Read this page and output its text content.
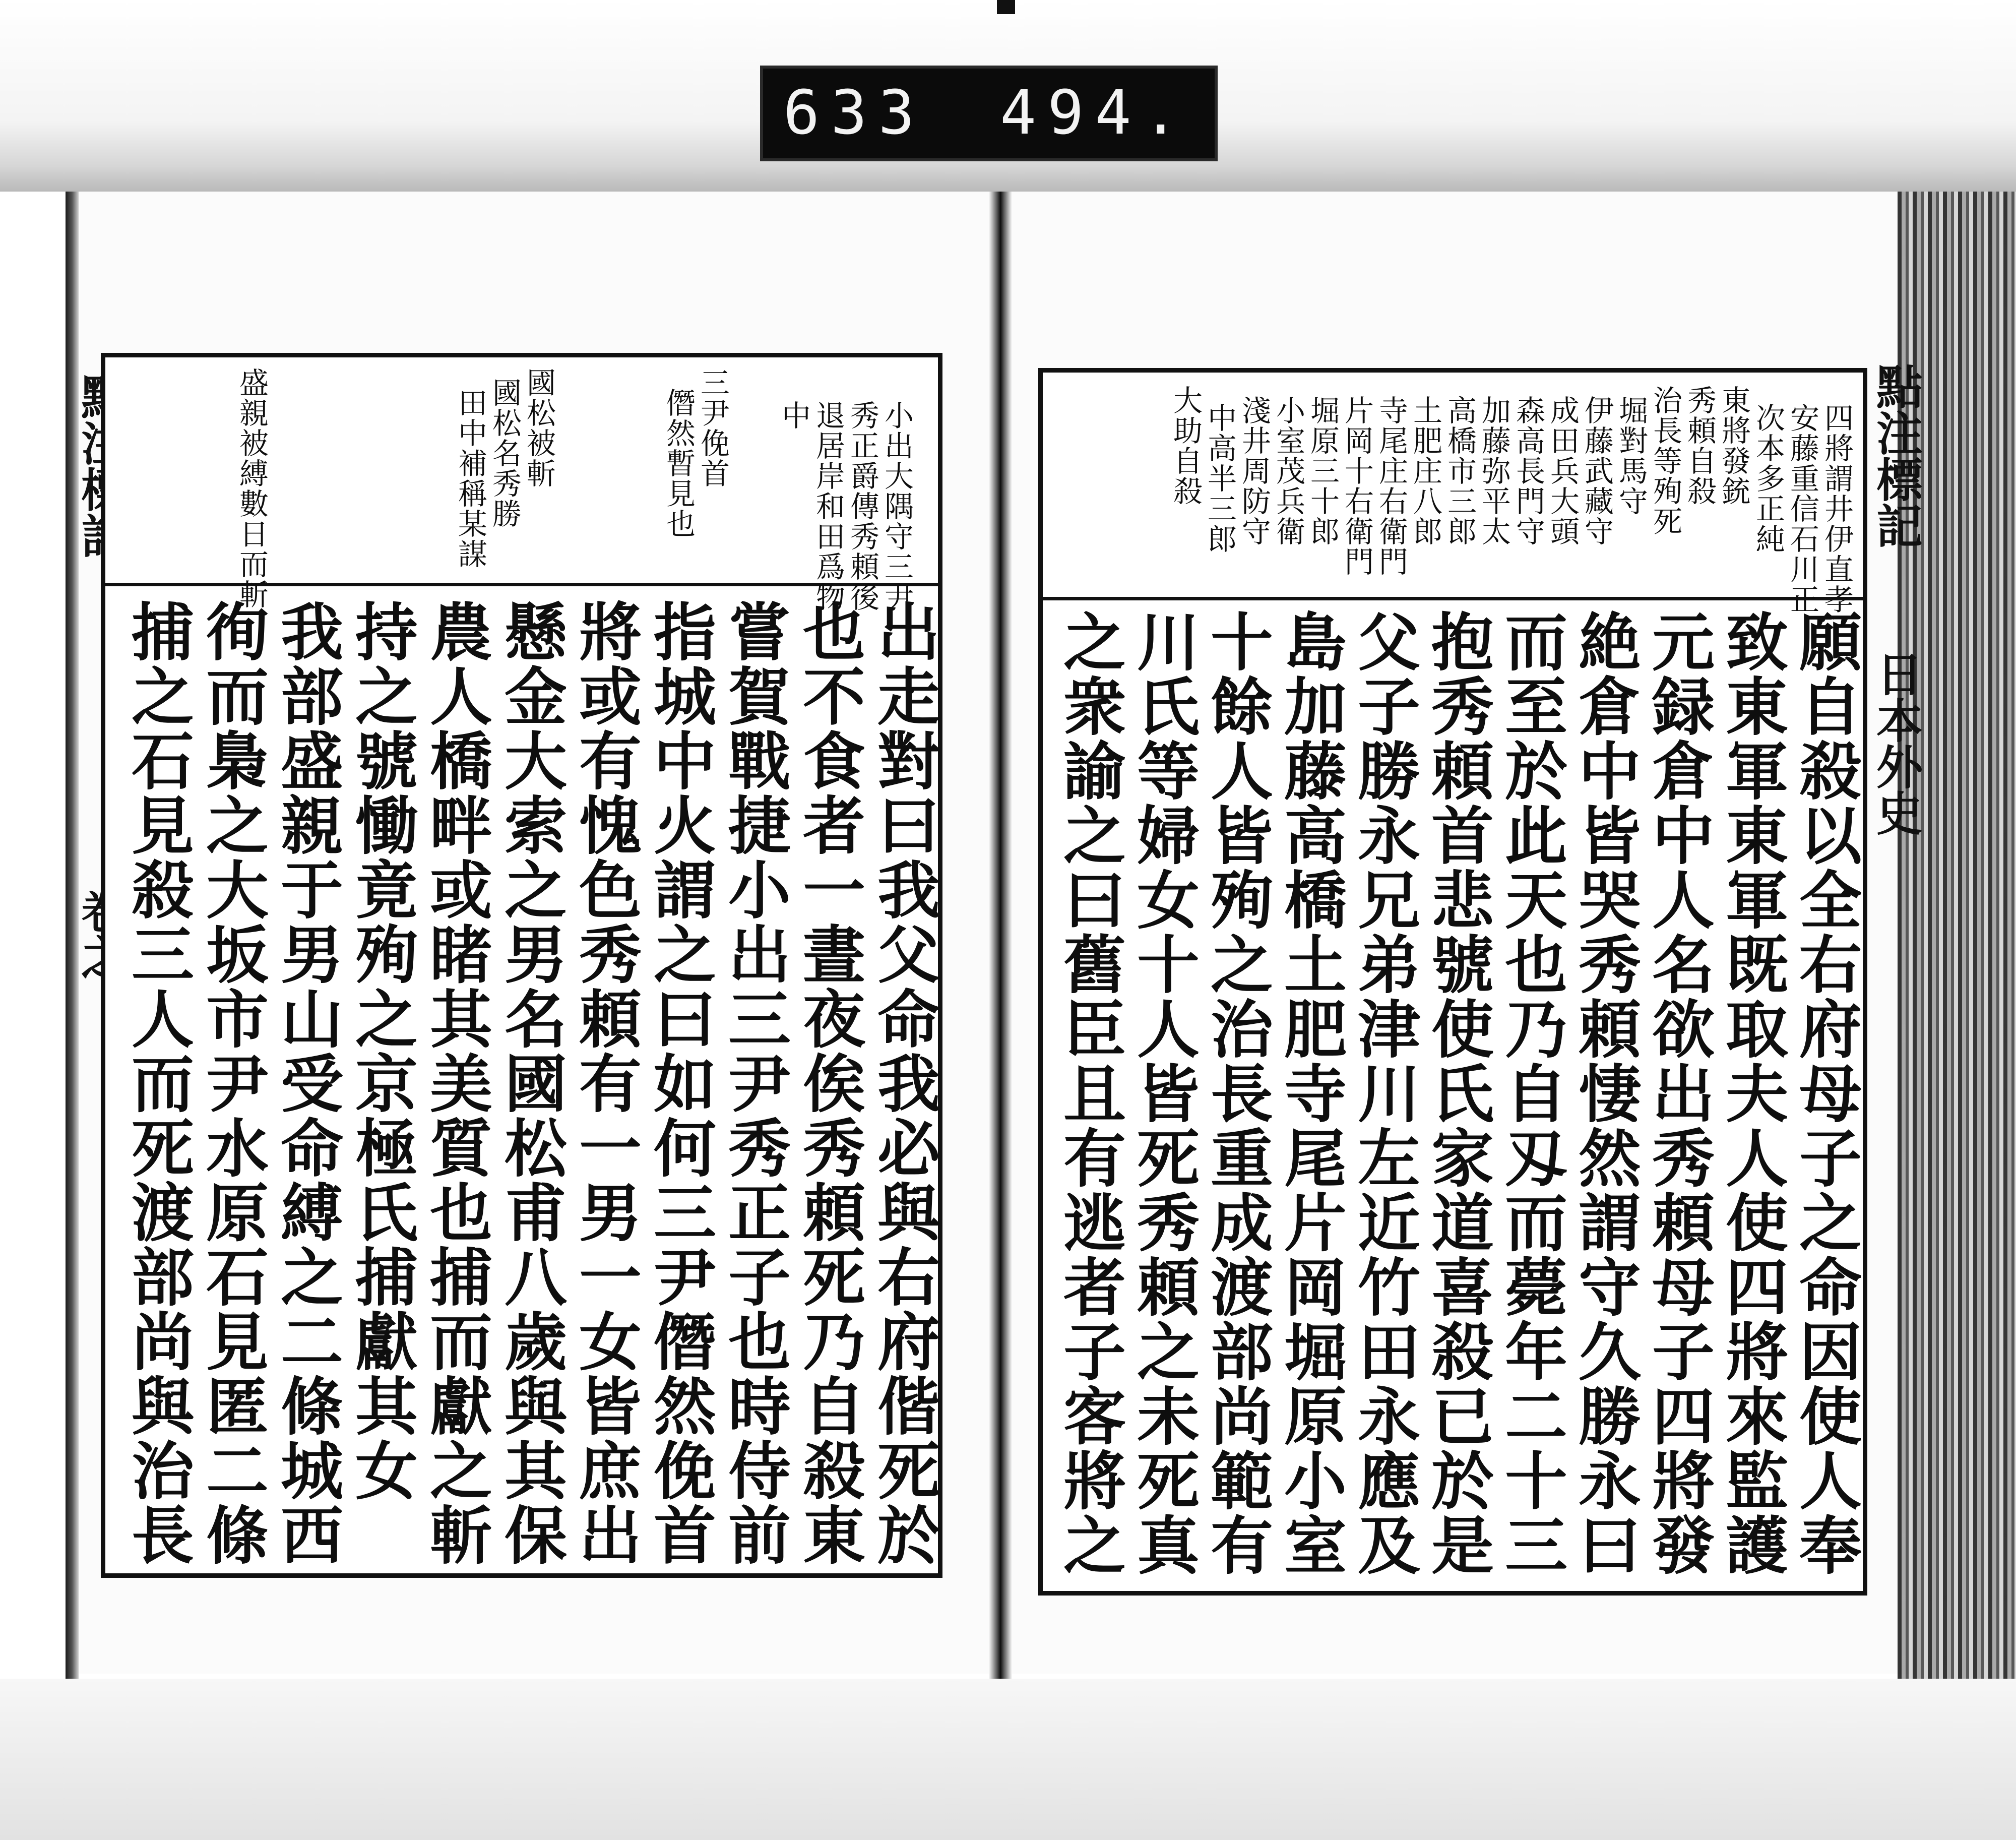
633 494.
點注標記
日本外史
小出大隅守三尹
秀正爵傳秀頼後
退居岸和田爲物
中
三尹俛首
僭然暫見也
國松被斬
國松名秀勝
田中補稱某謀
盛親被縛數日而斬
出走對曰我父命我必與右府偕死於
也不食者一晝夜俟秀頼死乃自殺東
嘗賀戰捷小出三尹秀正子也時侍前
指城中火謂之曰如何三尹僭然俛首
將或有愧色秀頼有一男一女皆庶出
懸金大索之男名國松甫八歲與其保
農人橋畔或睹其美質也捕而獻之斬
持之號慟竟殉之京極氏捕獻其女
我部盛親于男山受命縛之二條城西
徇而梟之大坂市尹水原石見匿二條
捕之石見殺三人而死渡部尚與治長
四將謂井伊直孝
安藤重信石川正
次本多正純
東將發銃
秀頼自殺
治長等殉死
堀對馬守
伊藤武藏守
成田兵大頭
森高長門守
加藤弥平太
高橋市三郎
土肥庄八郎
寺尾庄右衛門
片岡十右衛門
堀原三十郎
小室茂兵衛
淺井周防守
中高半三郎
大助自殺
願自殺以全右府母子之命因使人奉
致東軍東軍既取夫人使四將來監護
元録倉中人名欲出秀頼母子四將發
絶倉中皆哭秀頼悽然謂守久勝永曰
而至於此天也乃自刄而薨年二十三
抱秀頼首悲號使氏家道喜殺已於是
父子勝永兄弟津川左近竹田永應及
島加藤高橋土肥寺尾片岡堀原小室
十餘人皆殉之治長重成渡部尚範有
川氏等婦女十人皆死秀頼之未死真
之衆諭之曰舊臣且有逃者子客將之
